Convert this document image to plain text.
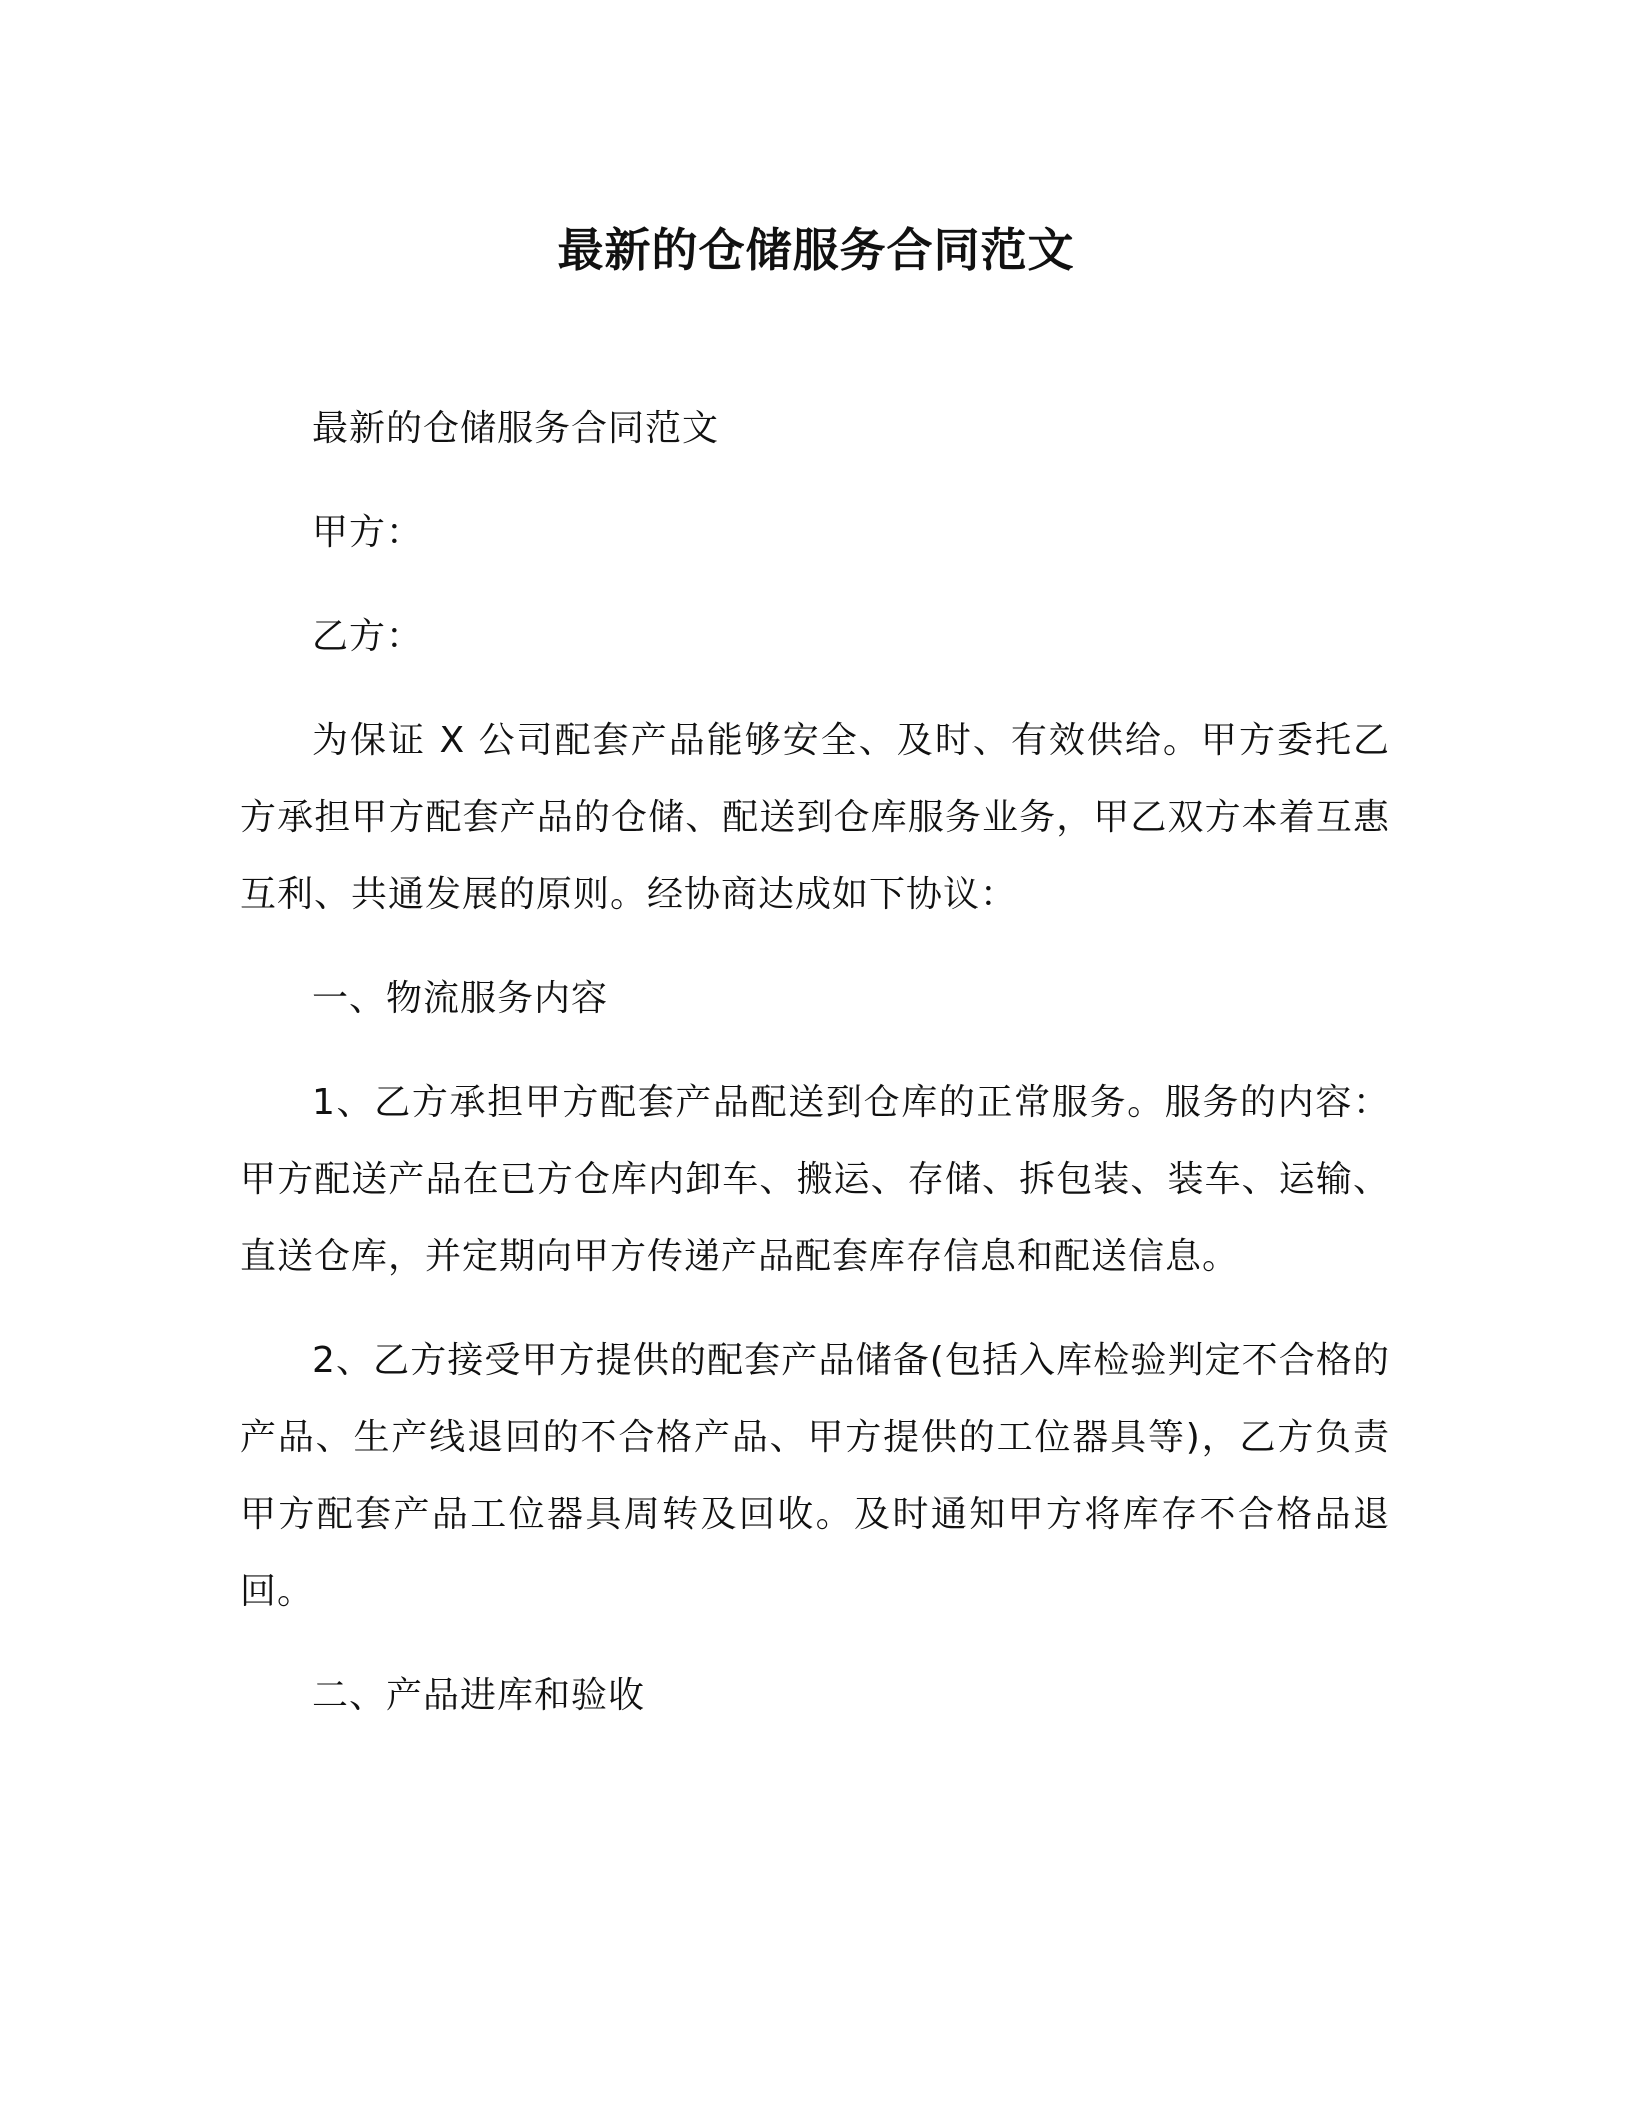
最新的仓储服务合同范文

最新的仓储服务合同范文

甲方：

乙方：

为保证 X 公司配套产品能够安全、及时、有效供给。甲方委托乙方承担甲方配套产品的仓储、配送到仓库服务业务，甲乙双方本着互惠互利、共通发展的原则。经协商达成如下协议：

一、物流服务内容

1、乙方承担甲方配套产品配送到仓库的正常服务。服务的内容：甲方配送产品在已方仓库内卸车、搬运、存储、拆包装、装车、运输、直送仓库，并定期向甲方传递产品配套库存信息和配送信息。

2、乙方接受甲方提供的配套产品储备(包括入库检验判定不合格的产品、生产线退回的不合格产品、甲方提供的工位器具等)，乙方负责甲方配套产品工位器具周转及回收。及时通知甲方将库存不合格品退回。

二、产品进库和验收
